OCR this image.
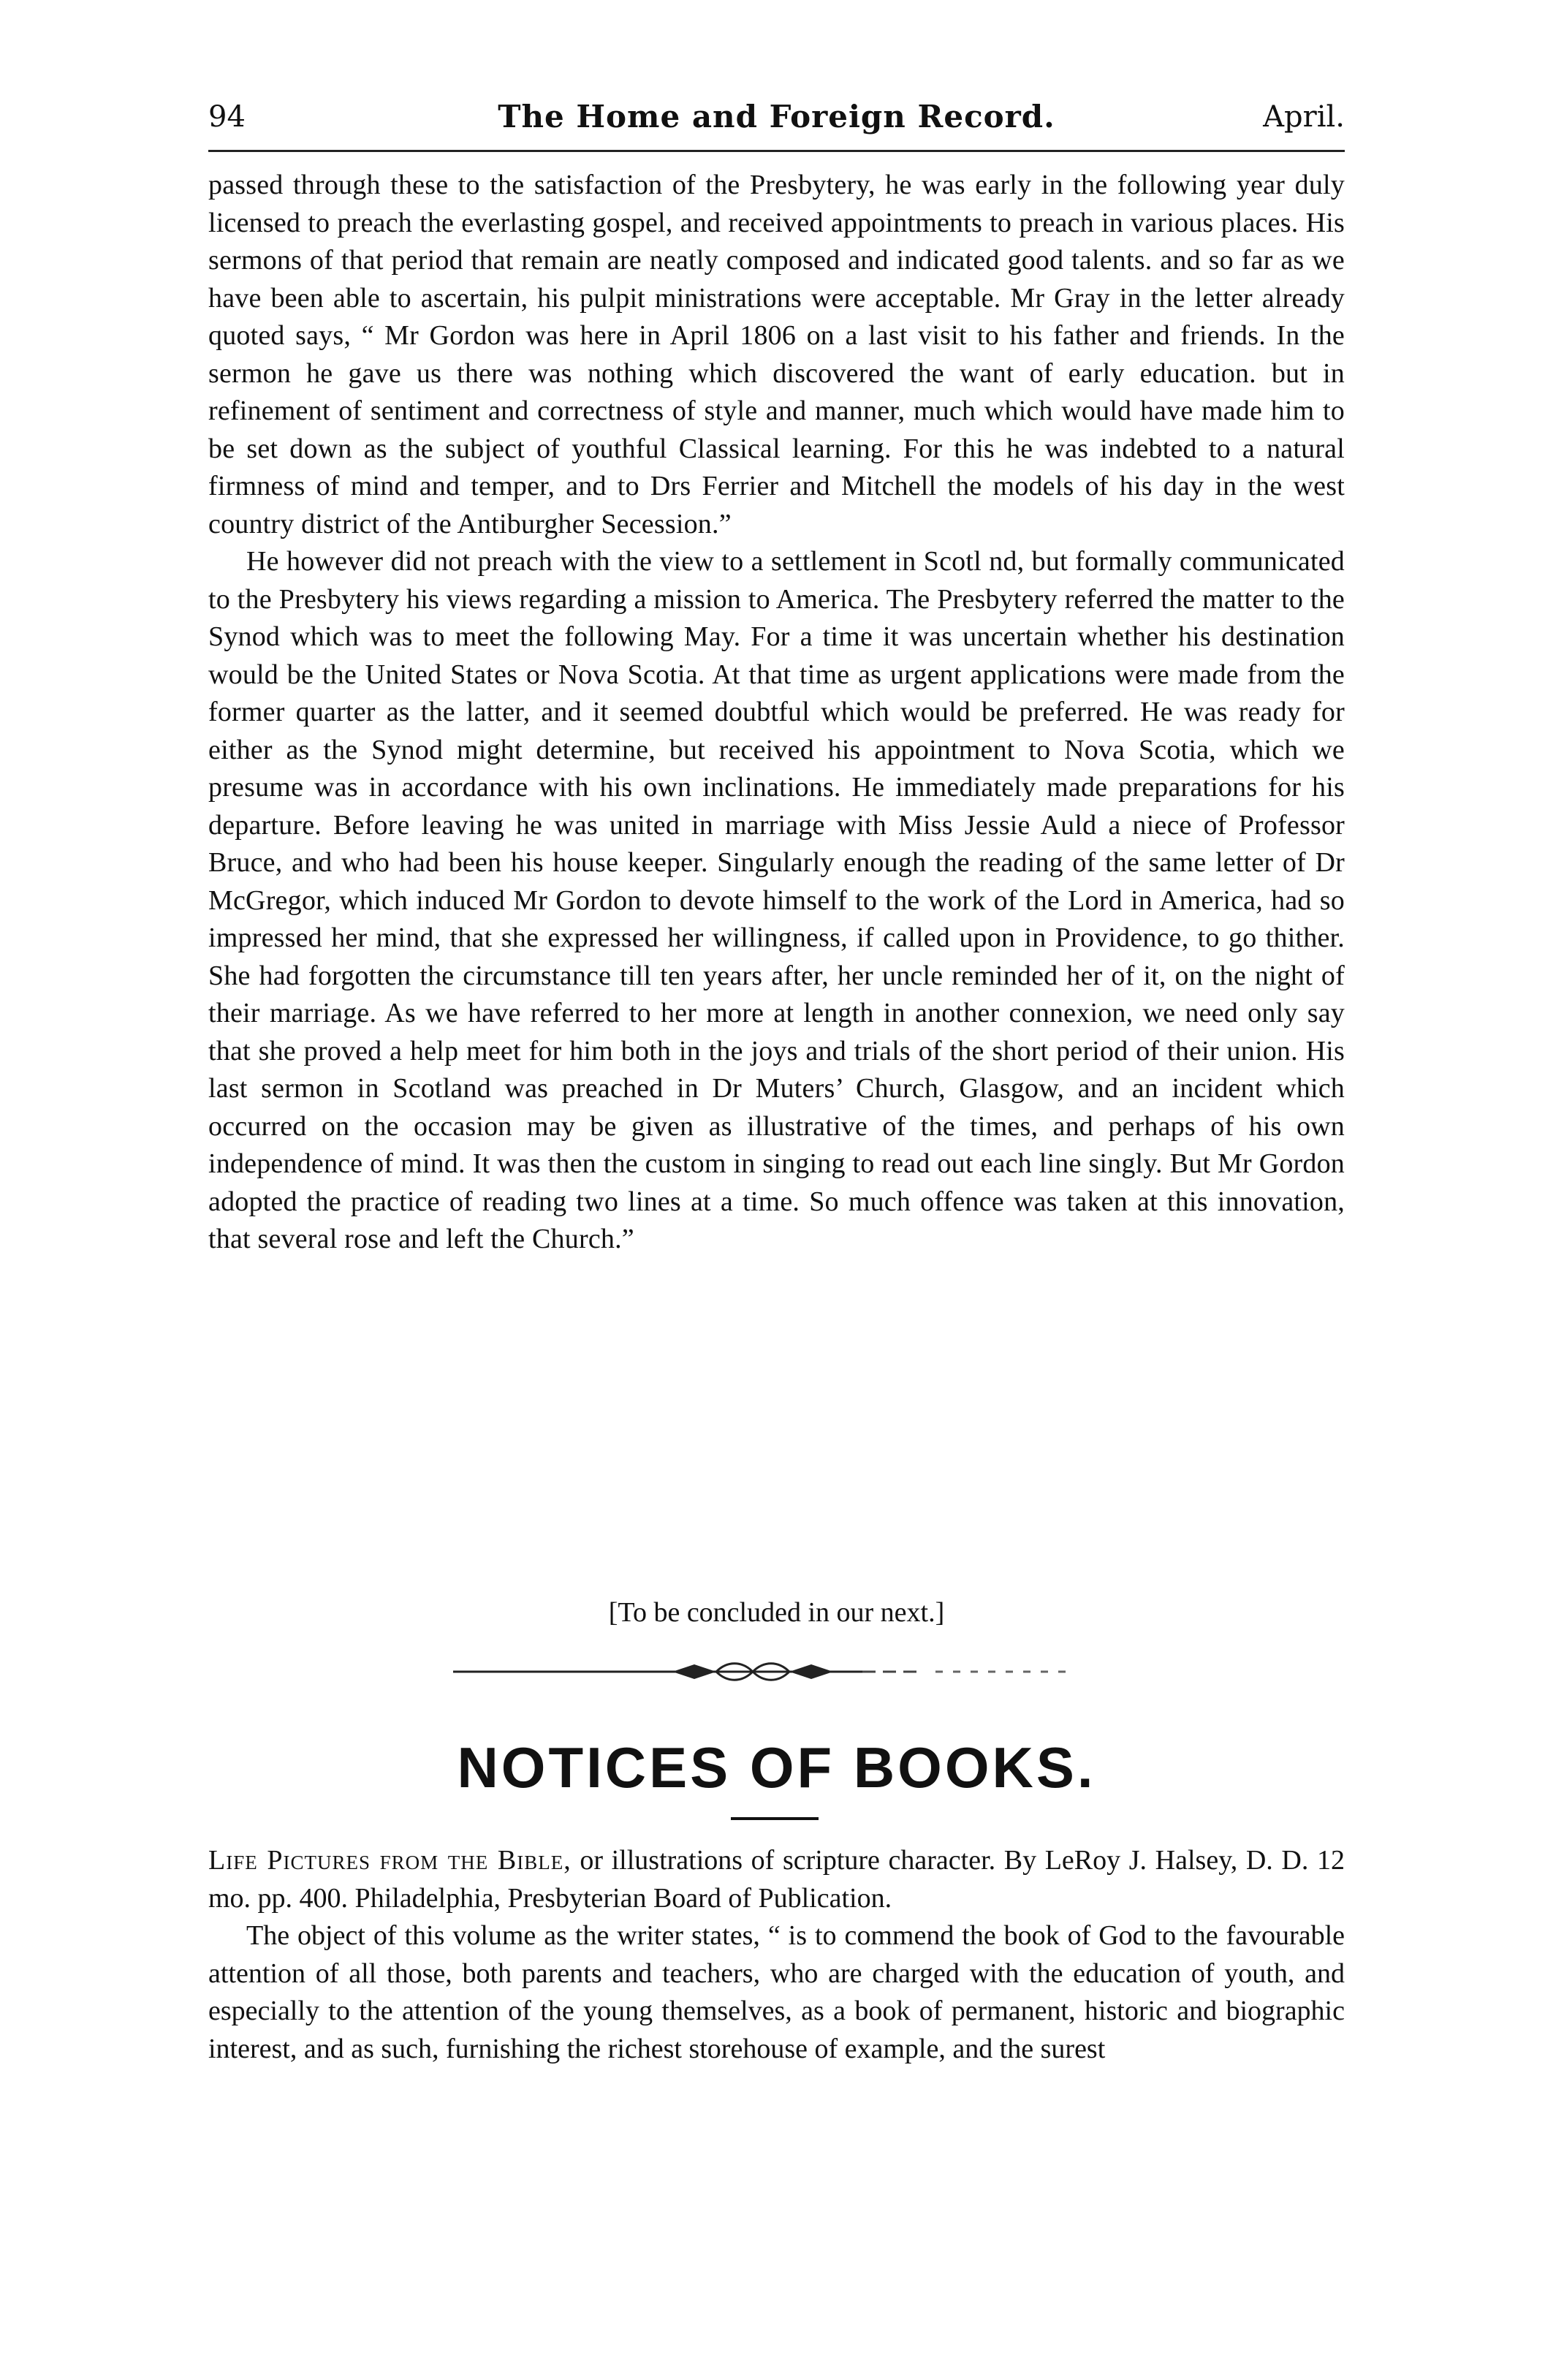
94	The Home and Foreign Record.	April.

passed through these to the satisfaction of the Presbytery, he was early in the following year duly licensed to preach the everlasting gospel, and received appointments to preach in various places. His sermons of that period that remain are neatly composed and indicated good talents. and so far as we have been able to ascertain, his pulpit ministrations were acceptable. Mr Gray in the letter already quoted says, “ Mr Gordon was here in April 1806 on a last visit to his father and friends. In the sermon he gave us there was nothing which discovered the want of early education. but in refinement of sentiment and correctness of style and manner, much which would have made him to be set down as the subject of youthful Classical learning. For this he was indebted to a natural firmness of mind and temper, and to Drs Ferrier and Mitchell the models of his day in the west country district of the Antiburgher Secession.”

He however did not preach with the view to a settlement in Scotl nd, but formally communicated to the Presbytery his views regarding a mission to America. The Presbytery referred the matter to the Synod which was to meet the following May. For a time it was uncertain whether his destination would be the United States or Nova Scotia. At that time as urgent applications were made from the former quarter as the latter, and it seemed doubtful which would be preferred. He was ready for either as the Synod might determine, but received his appointment to Nova Scotia, which we presume was in accordance with his own inclinations. He immediately made preparations for his departure. Before leaving he was united in marriage with Miss Jessie Auld a niece of Professor Bruce, and who had been his house keeper. Singularly enough the reading of the same letter of Dr McGregor, which induced Mr Gordon to devote himself to the work of the Lord in America, had so impressed her mind, that she expressed her willingness, if called upon in Providence, to go thither. She had forgotten the circumstance till ten years after, her uncle reminded her of it, on the night of their marriage. As we have referred to her more at length in another connexion, we need only say that she proved a help meet for him both in the joys and trials of the short period of their union. His last sermon in Scotland was preached in Dr Muters’ Church, Glasgow, and an incident which occurred on the occasion may be given as illustrative of the times, and perhaps of his own independence of mind. It was then the custom in singing to read out each line singly. But Mr Gordon adopted the practice of reading two lines at a time. So much offence was taken at this innovation, that several rose and left the Church.”

[To be concluded in our next.]
NOTICES OF BOOKS.

Life Pictures from the Bible, or illustrations of scripture character. By LeRoy J. Halsey, D. D. 12 mo. pp. 400. Philadelphia, Presbyterian Board of Publication.

The object of this volume as the writer states, “ is to commend the book of God to the favourable attention of all those, both parents and teachers, who are charged with the education of youth, and especially to the attention of the young themselves, as a book of permanent, historic and biographic interest, and as such, furnishing the richest storehouse of example, and the surest
